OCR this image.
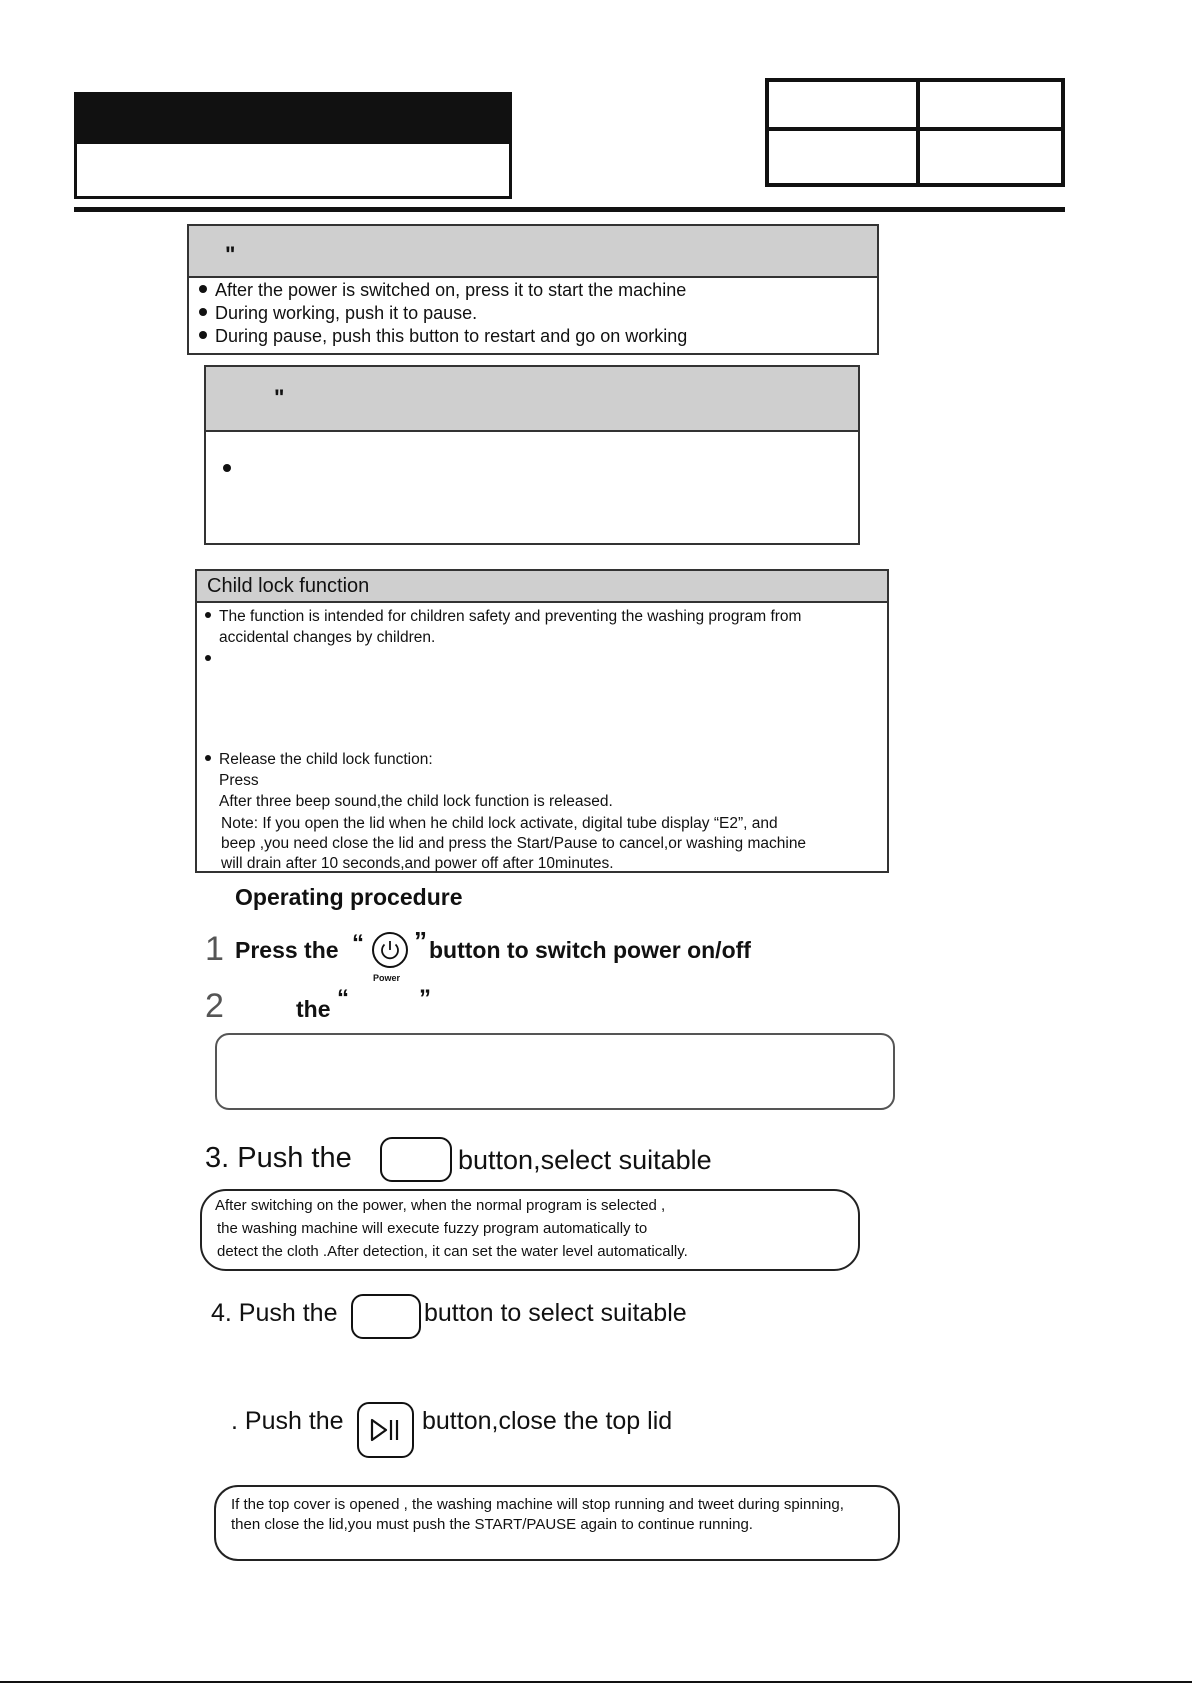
"
After the power is switched on, press it to start the machine
During working, push it to pause.
During pause, push this button to restart and go on working
"
Child lock function
The function is intended for children safety and preventing the washing program from
accidental changes by children.
Release the child lock function:
Press
After three beep sound,the child lock function is released.
Note: If you open the lid when he child lock activate, digital tube display “E2”, and
beep ,you need close the lid and press the Start/Pause to cancel,or washing machine
will drain after 10 seconds,and power off after 10minutes.
Operating procedure
1 Press the “
Power
” button to switch power on/off
2	the “	”
3. Push the	button,select suitable
After switching on the power, when the normal program is selected ,
the washing machine will execute fuzzy program automatically to
detect the cloth .After detection, it can set the water level automatically.
4. Push the	button to select suitable
. Push the	button,close the top lid
If the top cover is opened , the washing machine will stop running and tweet during spinning,
then close the lid,you must push the START/PAUSE again to continue running.
